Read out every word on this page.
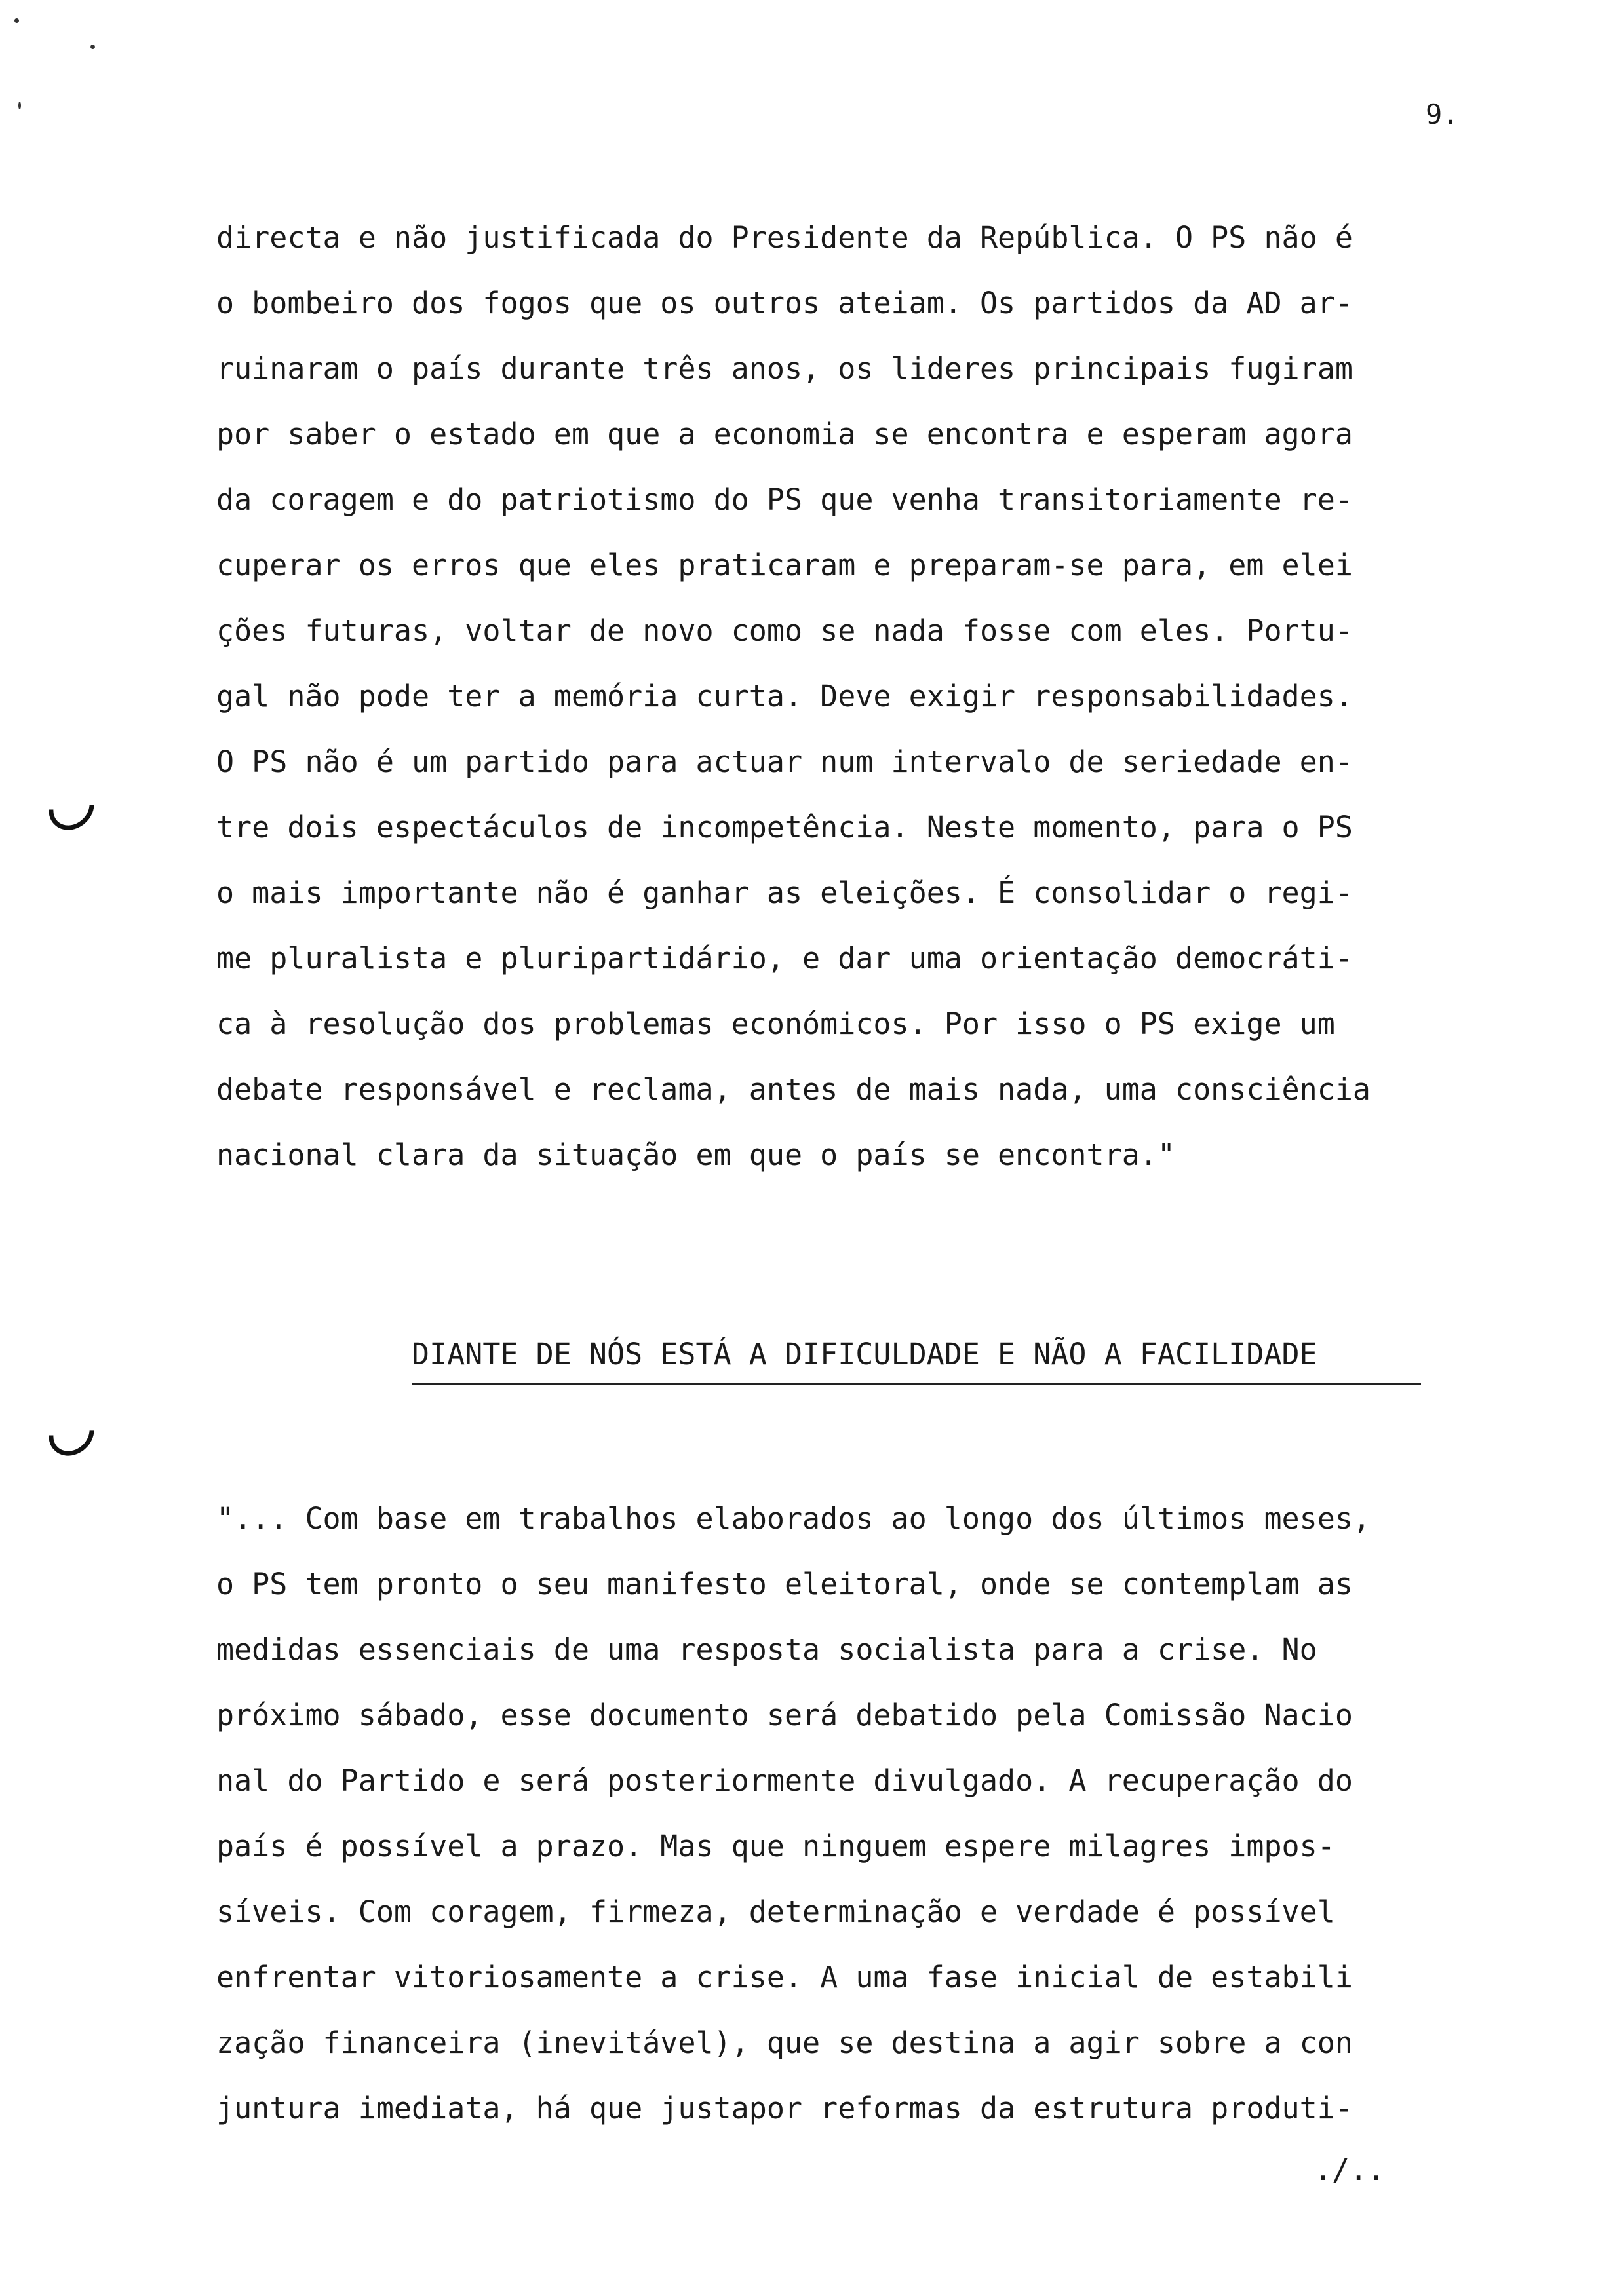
9.
directa e não justificada do Presidente da República. O PS não é
o bombeiro dos fogos que os outros ateiam. Os partidos da AD ar-
ruinaram o país durante três anos, os lideres principais fugiram
por saber o estado em que a economia se encontra e esperam agora
da coragem e do patriotismo do PS que venha transitoriamente re-
cuperar os erros que eles praticaram e preparam-se para, em elei
ções futuras, voltar de novo como se nada fosse com eles. Portu-
gal não pode ter a memória curta. Deve exigir responsabilidades.
O PS não é um partido para actuar num intervalo de seriedade en-
tre dois espectáculos de incompetência. Neste momento, para o PS
o mais importante não é ganhar as eleições. É consolidar o regi-
me pluralista e pluripartidário, e dar uma orientação democráti-
ca à resolução dos problemas económicos. Por isso o PS exige um
debate responsável e reclama, antes de mais nada, uma consciência
nacional clara da situação em que o país se encontra."
DIANTE DE NÓS ESTÁ A DIFICULDADE E NÃO A FACILIDADE
"... Com base em trabalhos elaborados ao longo dos últimos meses,
o PS tem pronto o seu manifesto eleitoral, onde se contemplam as
medidas essenciais de uma resposta socialista para a crise. No
próximo sábado, esse documento será debatido pela Comissão Nacio
nal do Partido e será posteriormente divulgado. A recuperação do
país é possível a prazo. Mas que ninguem espere milagres impos-
síveis. Com coragem, firmeza, determinação e verdade é possível
enfrentar vitoriosamente a crise. A uma fase inicial de estabili
zação financeira (inevitável), que se destina a agir sobre a con
juntura imediata, há que justapor reformas da estrutura produti-
./..
